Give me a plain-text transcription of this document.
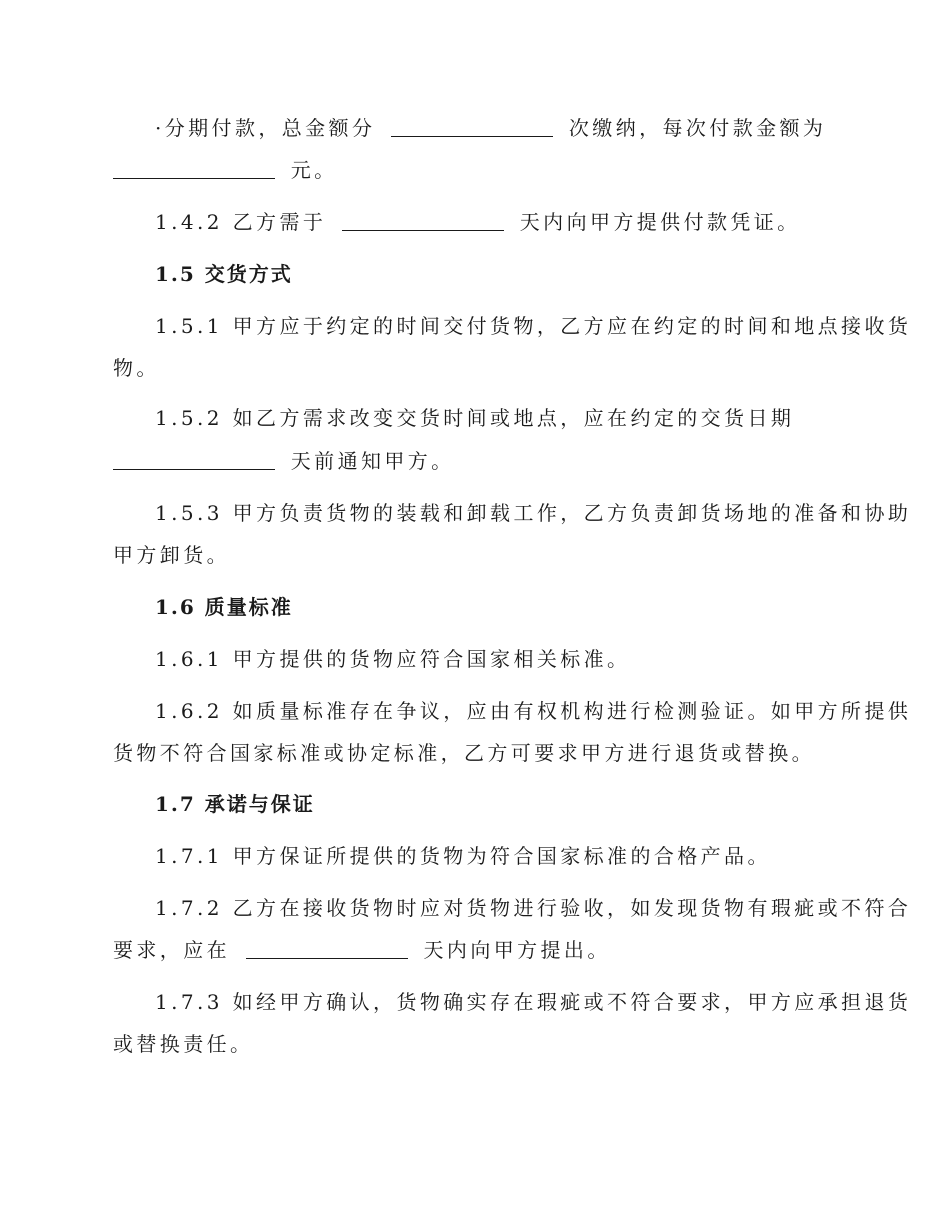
·分期付款，总金额分	次缴纳，每次付款金额为
元。
1.4.2 乙方需于	天内向甲方提供付款凭证。
1.5 交货方式
1.5.1 甲方应于约定的时间交付货物，乙方应在约定的时间和地点接收货
物。
1.5.2 如乙方需求改变交货时间或地点，应在约定的交货日期
天前通知甲方。
1.5.3 甲方负责货物的装载和卸载工作，乙方负责卸货场地的准备和协助
甲方卸货。
1.6 质量标准
1.6.1 甲方提供的货物应符合国家相关标准。
1.6.2 如质量标准存在争议，应由有权机构进行检测验证。如甲方所提供
货物不符合国家标准或协定标准，乙方可要求甲方进行退货或替换。
1.7 承诺与保证
1.7.1 甲方保证所提供的货物为符合国家标准的合格产品。
1.7.2 乙方在接收货物时应对货物进行验收，如发现货物有瑕疵或不符合
要求，应在	天内向甲方提出。
1.7.3 如经甲方确认，货物确实存在瑕疵或不符合要求，甲方应承担退货
或替换责任。
